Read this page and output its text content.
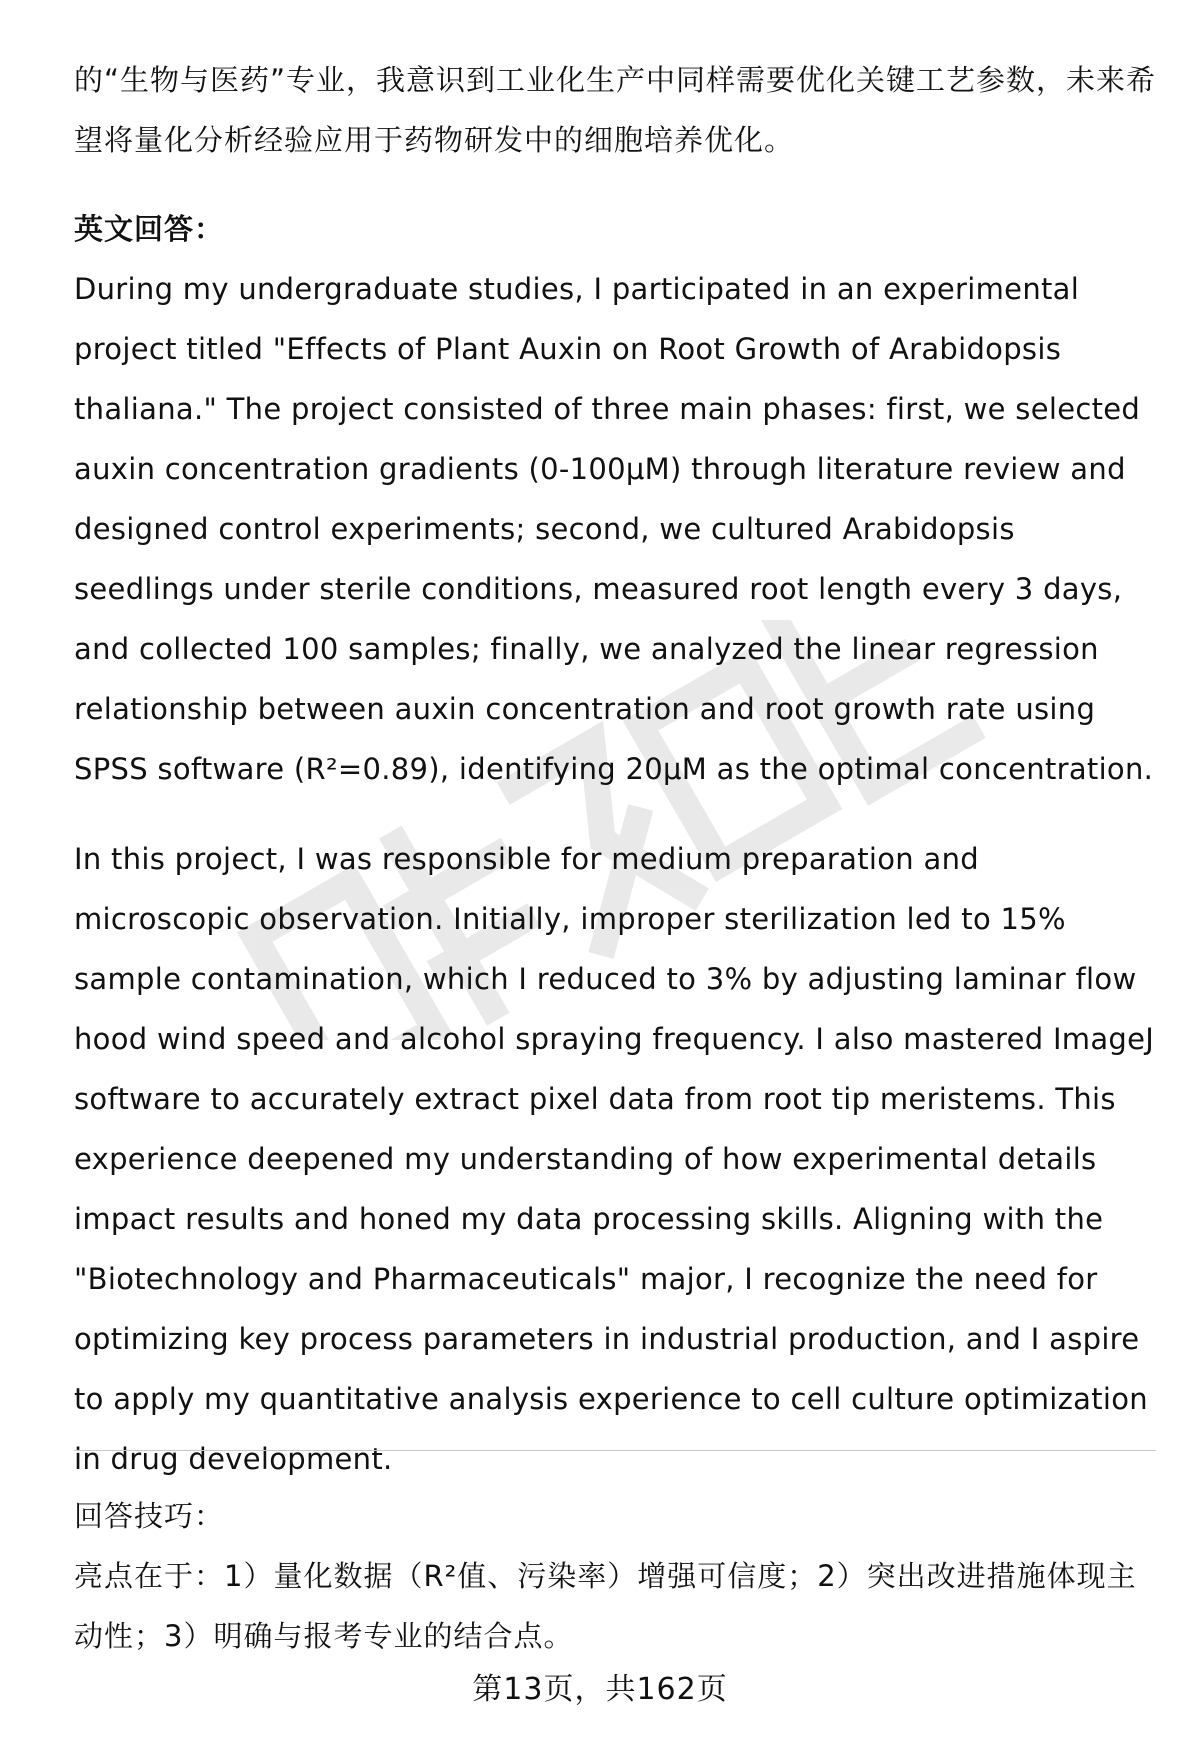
的“生物与医药”专业，我意识到工业化生产中同样需要优化关键工艺参数，未来希望将量化分析经验应用于药物研发中的细胞培养优化。

英文回答：

During my undergraduate studies, I participated in an experimental project titled "Effects of Plant Auxin on Root Growth of Arabidopsis thaliana." The project consisted of three main phases: first, we selected auxin concentration gradients (0-100μM) through literature review and designed control experiments; second, we cultured Arabidopsis seedlings under sterile conditions, measured root length every 3 days, and collected 100 samples; finally, we analyzed the linear regression relationship between auxin concentration and root growth rate using SPSS software (R²=0.89), identifying 20μM as the optimal concentration.

In this project, I was responsible for medium preparation and microscopic observation. Initially, improper sterilization led to 15% sample contamination, which I reduced to 3% by adjusting laminar flow hood wind speed and alcohol spraying frequency. I also mastered ImageJ software to accurately extract pixel data from root tip meristems. This experience deepened my understanding of how experimental details impact results and honed my data processing skills. Aligning with the "Biotechnology and Pharmaceuticals" major, I recognize the need for optimizing key process parameters in industrial production, and I aspire to apply my quantitative analysis experience to cell culture optimization in drug development.

回答技巧：

亮点在于：1）量化数据（R²值、污染率）增强可信度；2）突出改进措施体现主动性；3）明确与报考专业的结合点。

第13页，共162页
